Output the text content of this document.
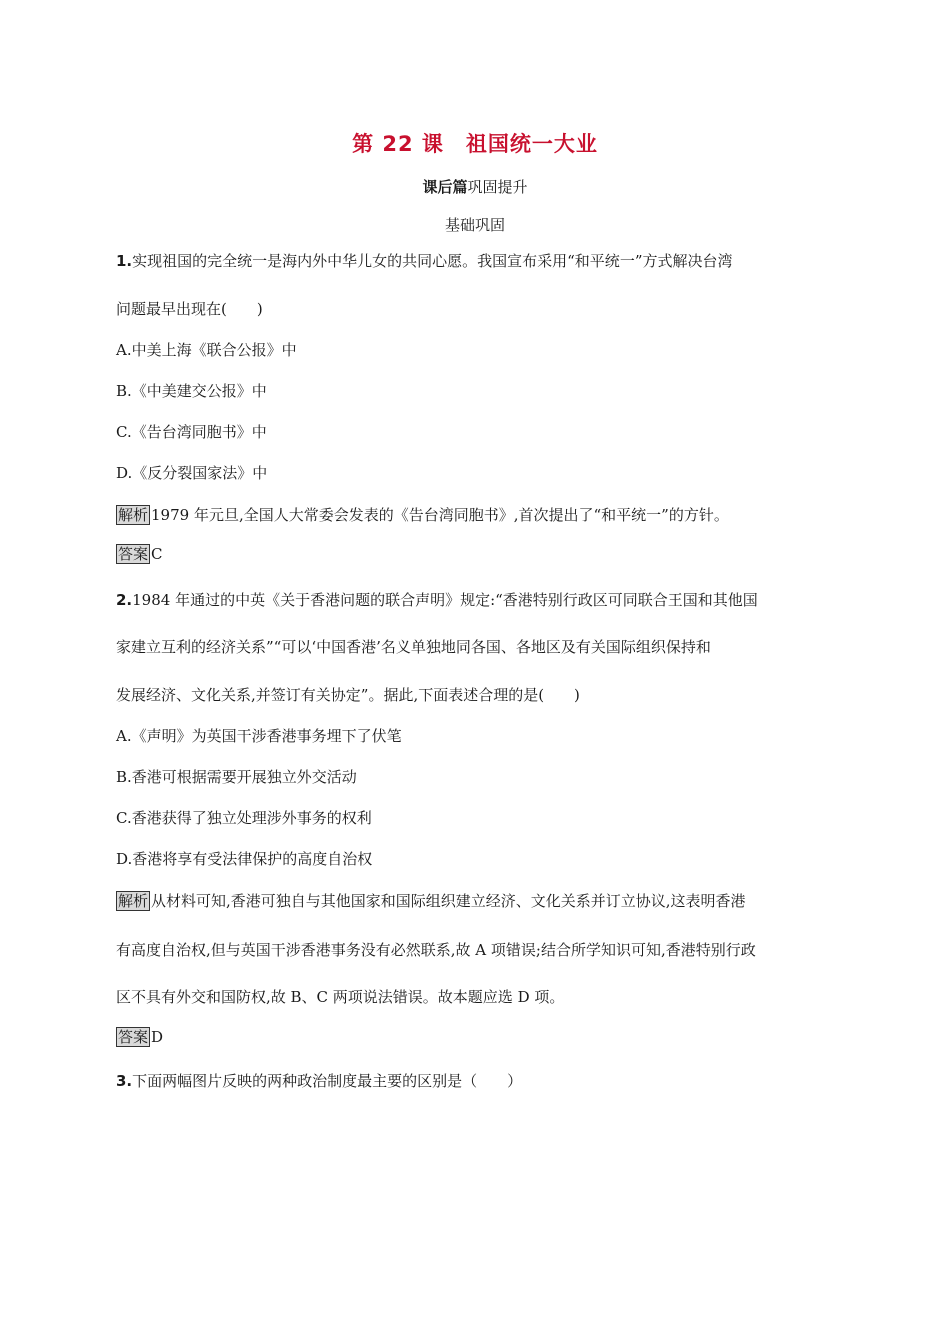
第 22 课　祖国统一大业
课后篇巩固提升
基础巩固
1.实现祖国的完全统一是海内外中华儿女的共同心愿。我国宣布采用“和平统一”方式解决台湾
问题最早出现在(　　)
A.中美上海《联合公报》中
B.《中美建交公报》中
C.《告台湾同胞书》中
D.《反分裂国家法》中
解析 1979 年元旦,全国人大常委会发表的《告台湾同胞书》,首次提出了“和平统一”的方针。
答案 C
2.1984 年通过的中英《关于香港问题的联合声明》规定:“香港特别行政区可同联合王国和其他国
家建立互利的经济关系”“可以‘中国香港’名义单独地同各国、各地区及有关国际组织保持和
发展经济、文化关系,并签订有关协定”。据此,下面表述合理的是(　　)
A.《声明》为英国干涉香港事务埋下了伏笔
B.香港可根据需要开展独立外交活动
C.香港获得了独立处理涉外事务的权利
D.香港将享有受法律保护的高度自治权
解析 从材料可知,香港可独自与其他国家和国际组织建立经济、文化关系并订立协议,这表明香港
有高度自治权,但与英国干涉香港事务没有必然联系,故 A 项错误;结合所学知识可知,香港特别行政
区不具有外交和国防权,故 B、C 两项说法错误。故本题应选 D 项。
答案 D
3.下面两幅图片反映的两种政治制度最主要的区别是（　　）
